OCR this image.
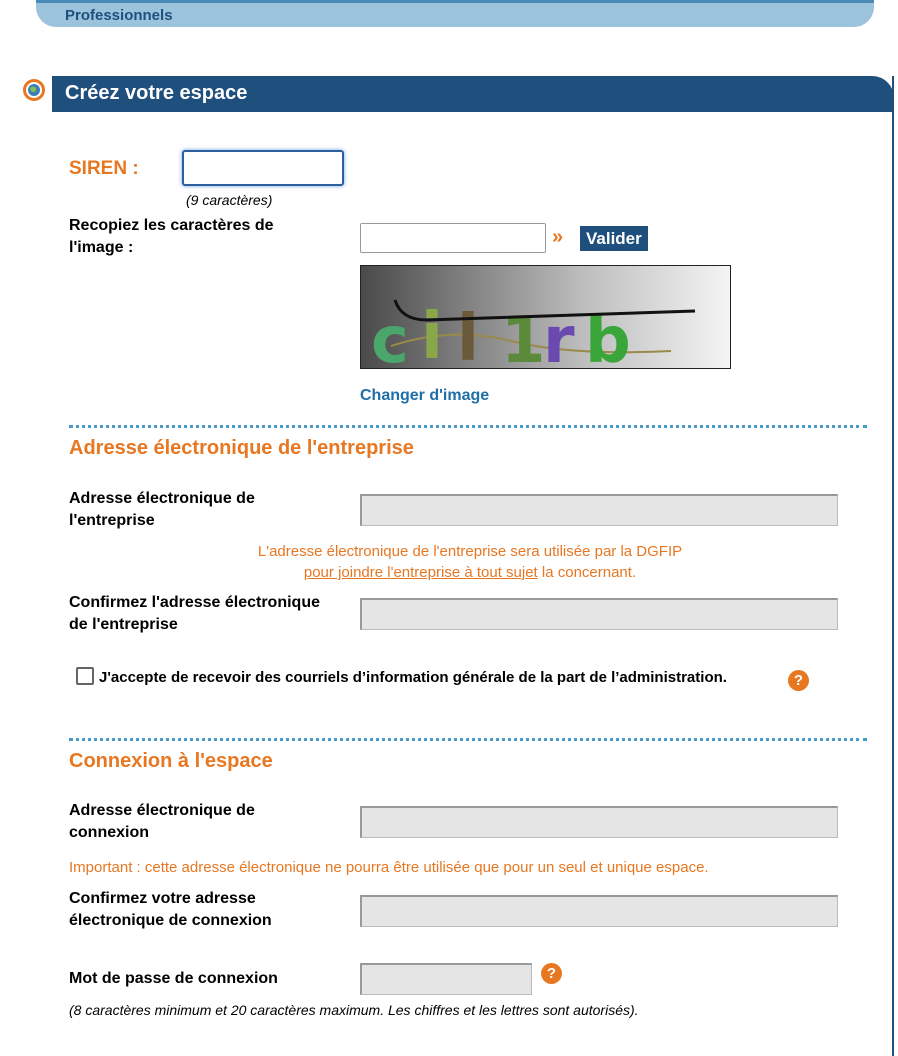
Professionnels
Créez votre espace
SIREN :
(9 caractères)
Recopiez les caractères de l'image :	»	Valider
c i l 1
r b
Changer d'image
Adresse électronique de l'entreprise
Adresse électronique de l'entreprise
L'adresse électronique de l'entreprise sera utilisée par la DGFIP
pour joindre l'entreprise à tout sujet la concernant.
Confirmez l'adresse électronique de l'entreprise
J'accepte de recevoir des courriels d’information générale de la part de l’administration.	?
Connexion à l'espace
Adresse électronique de connexion
Important : cette adresse électronique ne pourra être utilisée que pour un seul et unique espace.
Confirmez votre adresse électronique de connexion
Mot de passe de connexion	?
(8 caractères minimum et 20 caractères maximum. Les chiffres et les lettres sont autorisés).
